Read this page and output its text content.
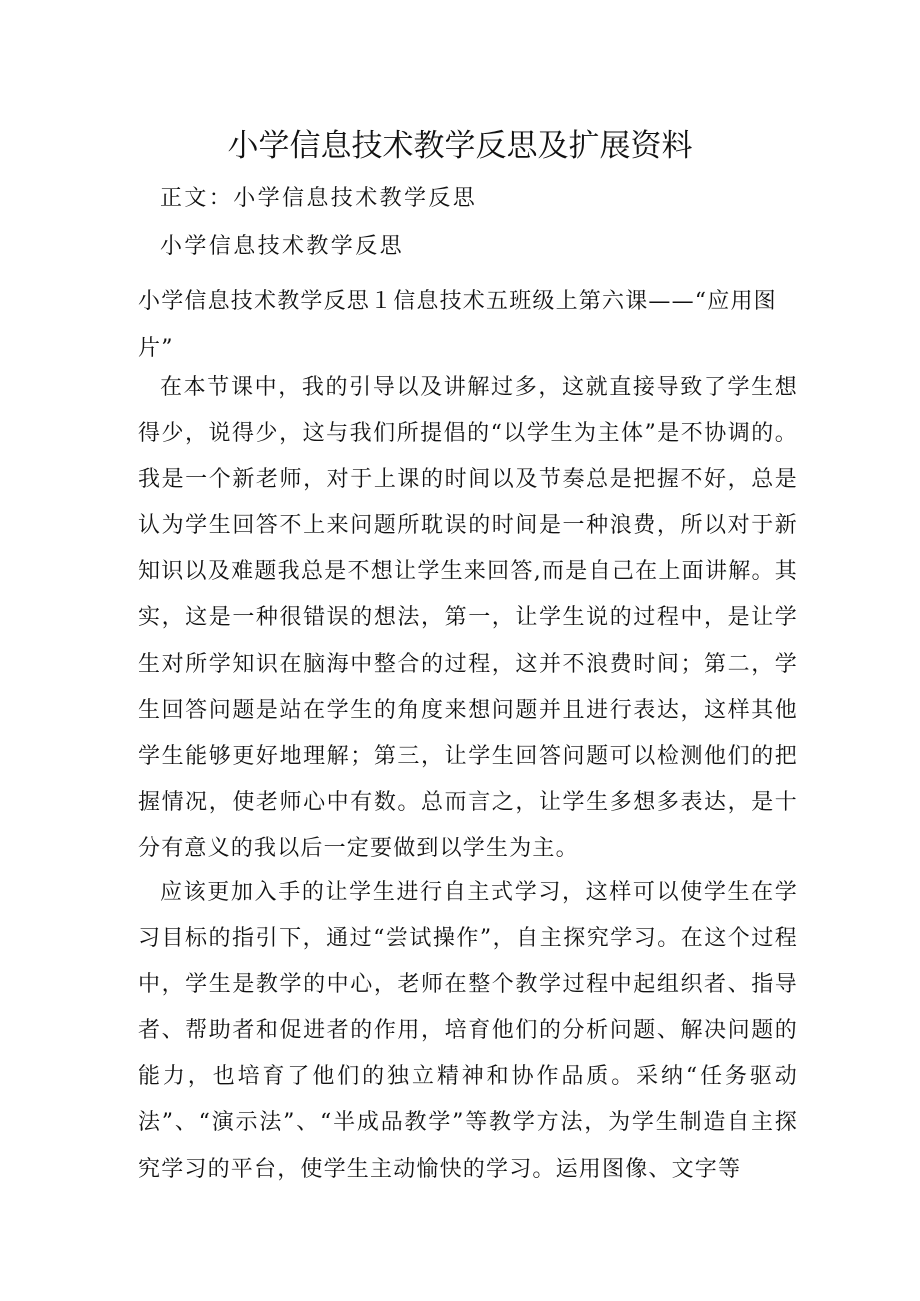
小学信息技术教学反思及扩展资料
正文：小学信息技术教学反思
小学信息技术教学反思

小学信息技术教学反思１信息技术五班级上第六课——“应用图片”

在本节课中，我的引导以及讲解过多，这就直接导致了学生想得少，说得少，这与我们所提倡的“以学生为主体”是不协调的。我是一个新老师，对于上课的时间以及节奏总是把握不好，总是认为学生回答不上来问题所耽误的时间是一种浪费，所以对于新知识以及难题我总是不想让学生来回答,而是自己在上面讲解。其实，这是一种很错误的想法，第一，让学生说的过程中，是让学生对所学知识在脑海中整合的过程，这并不浪费时间；第二，学生回答问题是站在学生的角度来想问题并且进行表达，这样其他学生能够更好地理解；第三，让学生回答问题可以检测他们的把握情况，使老师心中有数。总而言之，让学生多想多表达，是十分有意义的我以后一定要做到以学生为主。

应该更加入手的让学生进行自主式学习，这样可以使学生在学习目标的指引下，通过“尝试操作”，自主探究学习。在这个过程中，学生是教学的中心，老师在整个教学过程中起组织者、指导者、帮助者和促进者的作用，培育他们的分析问题、解决问题的能力，也培育了他们的独立精神和协作品质。采纳“任务驱动法”、“演示法”、“半成品教学”等教学方法，为学生制造自主探究学习的平台，使学生主动愉快的学习。运用图像、文字等
